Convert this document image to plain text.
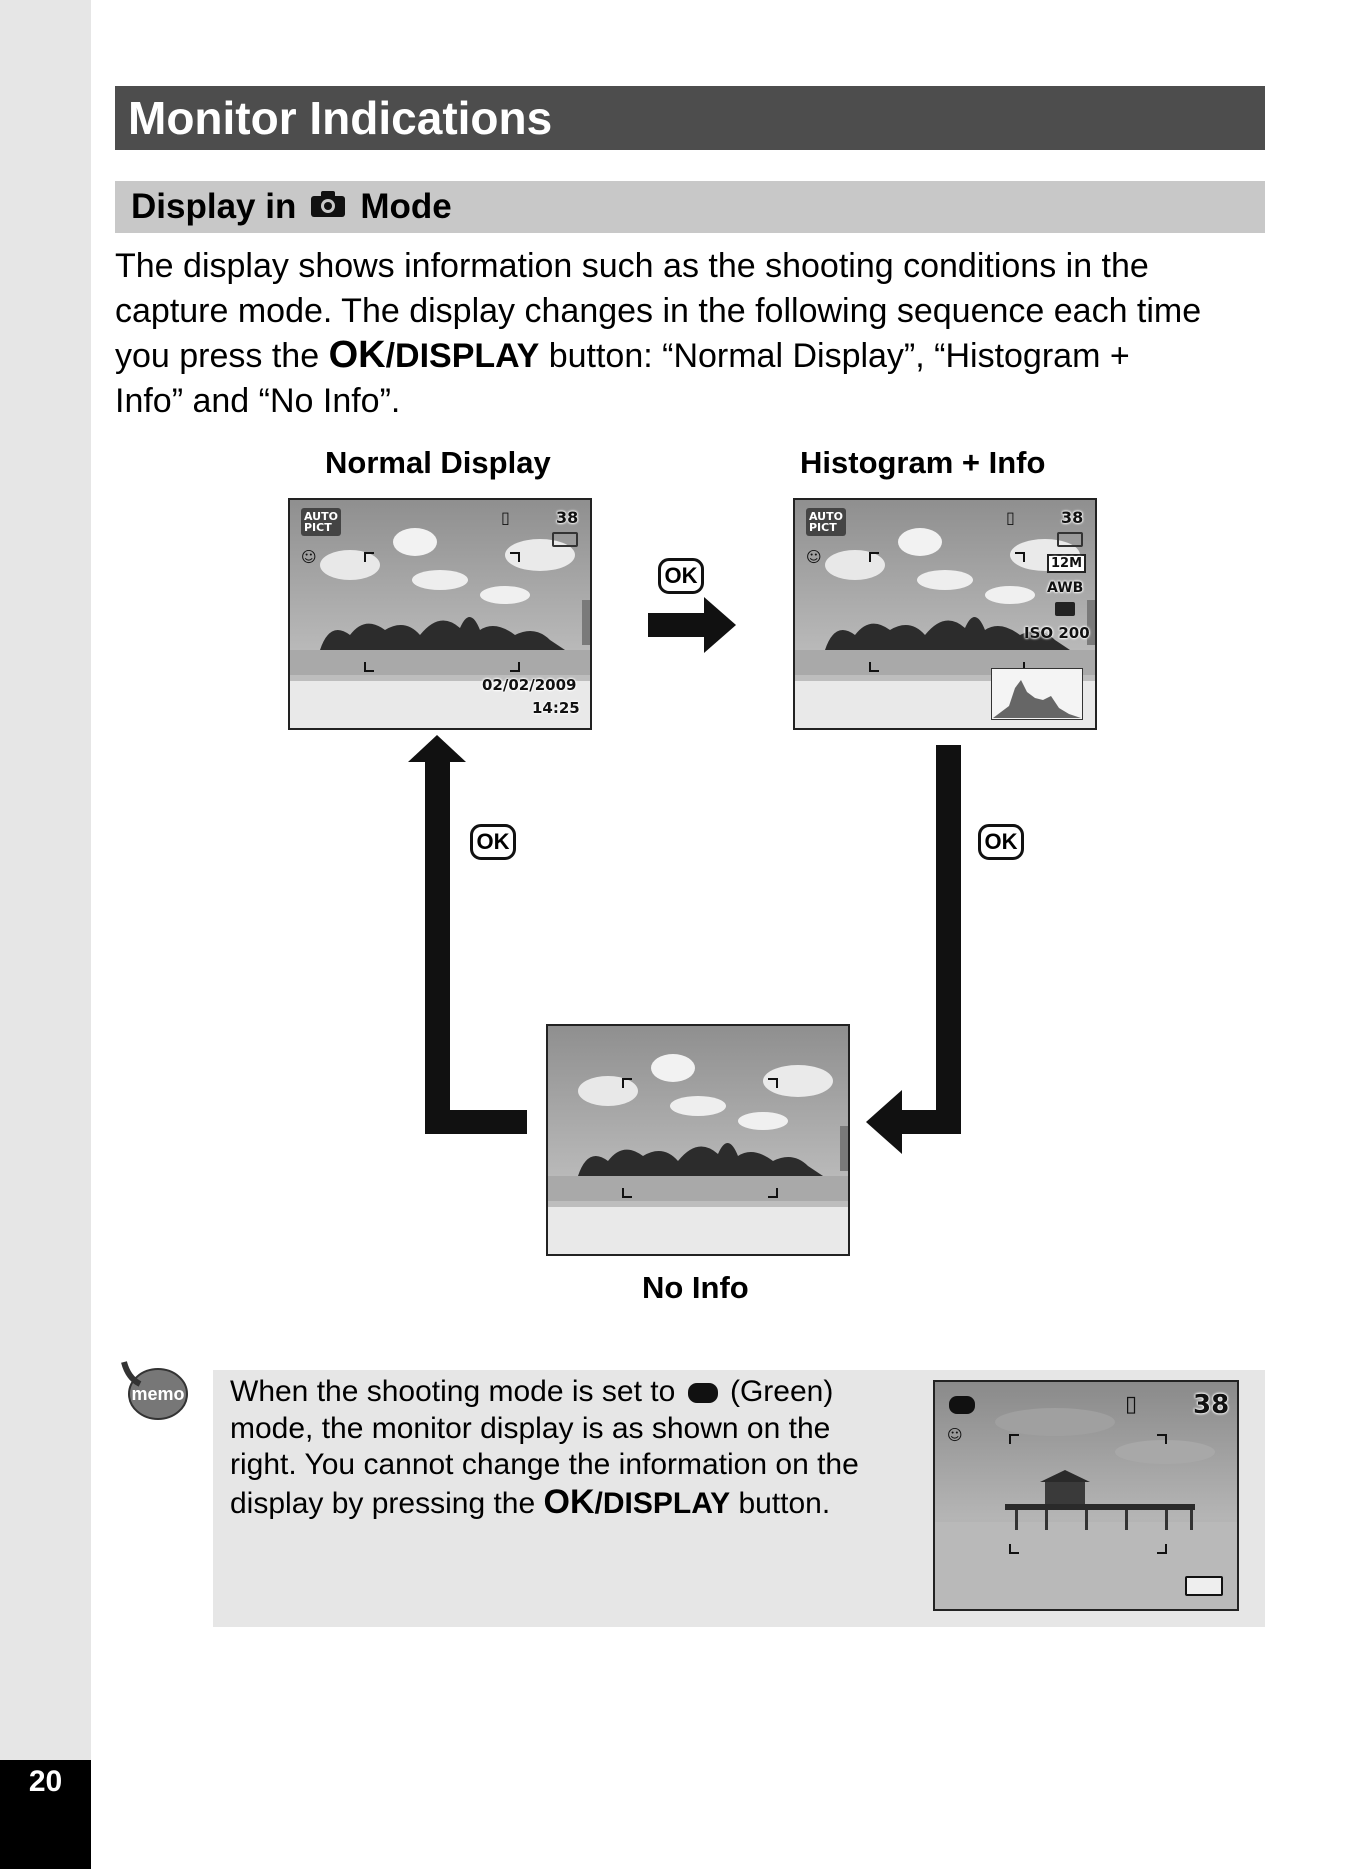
20
Monitor Indications
Display in Mode
The display shows information such as the shooting conditions in the
capture mode. The display changes in the following sequence each time
you press the OK/DISPLAY button: “Normal Display”, “Histogram +
Info” and “No Info”.
Normal Display	Histogram + Info
No Info
AUTO
PICT
▯	38
☺
02/02/2009
14:25
AUTO
PICT
▯	38
12M
AWB
ISO 200
☺
OK
OK	OK
memo When the shooting mode is set to (Green)
mode, the monitor display is as shown on the
right. You cannot change the information on the
display by pressing the OK/DISPLAY button.
▯ 38
☺
